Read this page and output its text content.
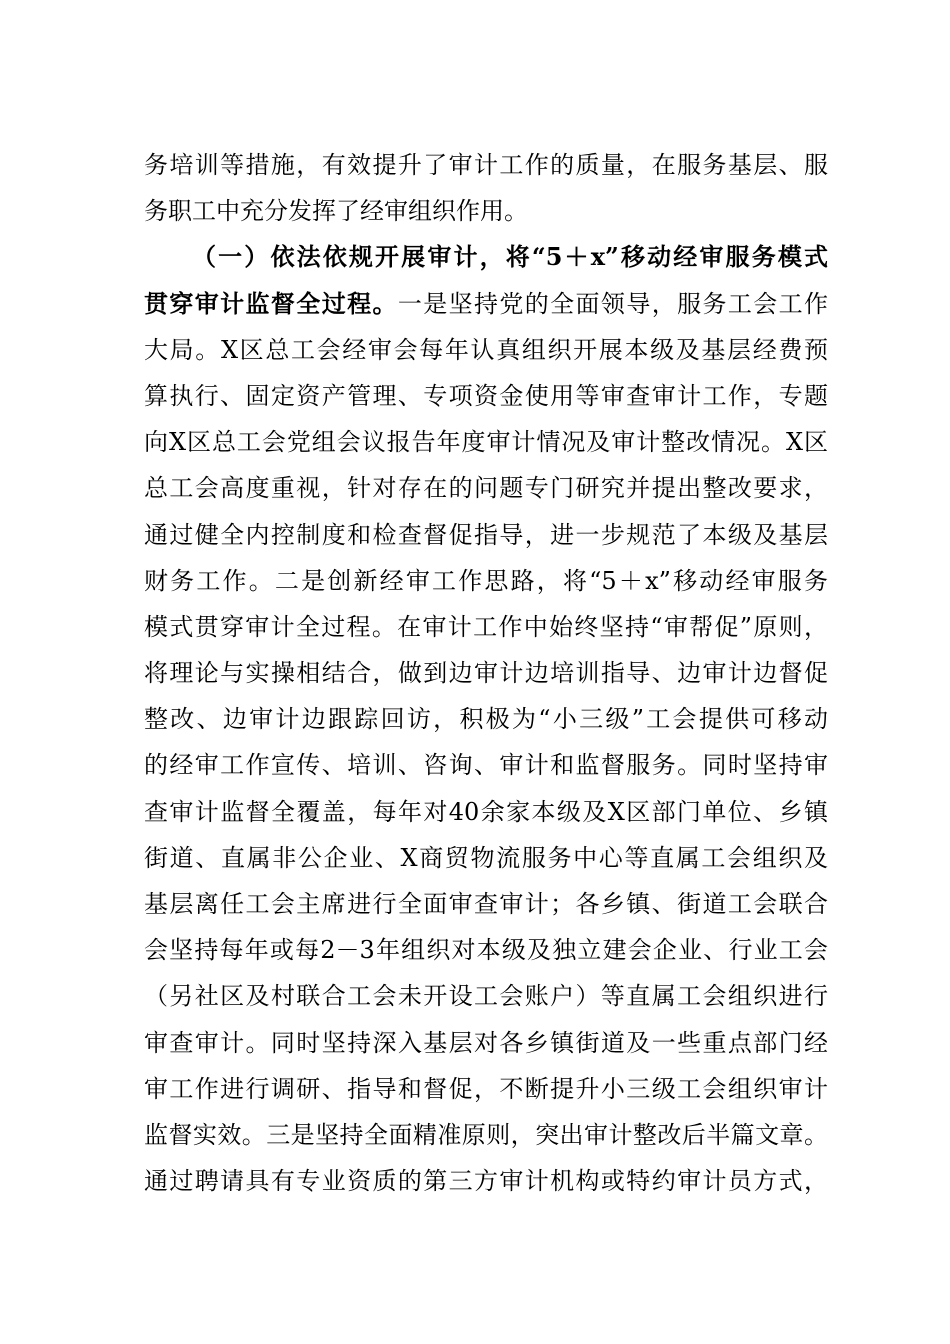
务培训等措施，有效提升了审计工作的质量，在服务基层、服
务职工中充分发挥了经审组织作用。
（一）依法依规开展审计，将“5＋x”移动经审服务模式
贯穿审计监督全过程。一是坚持党的全面领导，服务工会工作
大局。X区总工会经审会每年认真组织开展本级及基层经费预
算执行、固定资产管理、专项资金使用等审查审计工作，专题
向X区总工会党组会议报告年度审计情况及审计整改情况。X区
总工会高度重视，针对存在的问题专门研究并提出整改要求，
通过健全内控制度和检查督促指导，进一步规范了本级及基层
财务工作。二是创新经审工作思路，将“5＋x”移动经审服务
模式贯穿审计全过程。在审计工作中始终坚持“审帮促”原则，
将理论与实操相结合，做到边审计边培训指导、边审计边督促
整改、边审计边跟踪回访，积极为“小三级”工会提供可移动
的经审工作宣传、培训、咨询、审计和监督服务。同时坚持审
查审计监督全覆盖，每年对40余家本级及X区部门单位、乡镇
街道、直属非公企业、X商贸物流服务中心等直属工会组织及
基层离任工会主席进行全面审查审计；各乡镇、街道工会联合
会坚持每年或每2－3年组织对本级及独立建会企业、行业工会
（另社区及村联合工会未开设工会账户）等直属工会组织进行
审查审计。同时坚持深入基层对各乡镇街道及一些重点部门经
审工作进行调研、指导和督促，不断提升小三级工会组织审计
监督实效。三是坚持全面精准原则，突出审计整改后半篇文章。
通过聘请具有专业资质的第三方审计机构或特约审计员方式，
